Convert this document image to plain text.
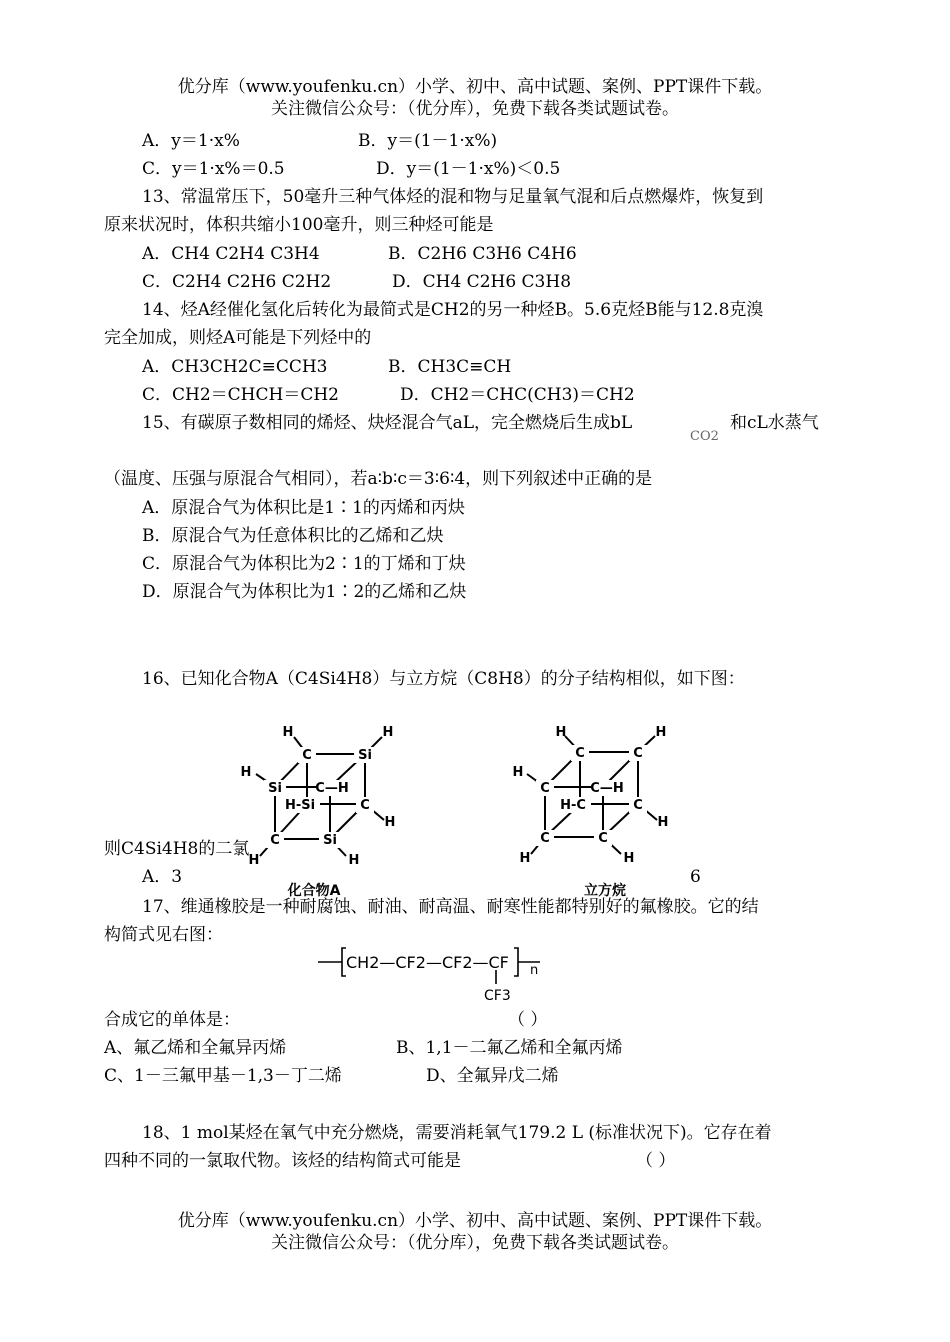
优分库（www.youfenku.cn）小学、初中、高中试题、案例、PPT课件下载。
关注微信公众号：（优分库），免费下载各类试题试卷。
A．y＝1·x%	B．y＝(1－1·x%)
C．y＝1·x%＝0.5	D．y＝(1－1·x%)＜0.5
13、常温常压下，50毫升三种气体烃的混和物与足量氧气混和后点燃爆炸，恢复到
原来状况时，体积共缩小100毫升，则三种烃可能是
A．CH4 C2H4 C3H4	B．C2H6 C3H6 C4H6
C．C2H4 C2H6 C2H2	D．CH4 C2H6 C3H8
14、烃A经催化氢化后转化为最简式是CH2的另一种烃B。5.6克烃B能与12.8克溴
完全加成，则烃A可能是下列烃中的
A．CH3CH2C≡CCH3	B．CH3C≡CH
C．CH2＝CHCH＝CH2	D．CH2＝CHC(CH3)＝CH2
15、有碳原子数相同的烯烃、炔烃混合气aL，完全燃烧后生成bL
CO2
和cL水蒸气
（温度、压强与原混合气相同），若a∶b∶c＝3∶6∶4，则下列叙述中正确的是
A．原混合气为体积比是1∶1的丙烯和丙炔
B．原混合气为任意体积比的乙烯和乙炔
C．原混合气为体积比为2∶1的丁烯和丁炔
D．原混合气为体积比为1∶2的乙烯和乙炔
16、已知化合物A（C4Si4H8）与立方烷（C8H8）的分子结构相似，如下图：
则C4Si4H8的二氯
A．3	6
C	Si
Si	C—H
H-Si	C
C	Si
H	H
H
H
H	H
化合物A
C	C
C	C—H
H-C	C
C	C
H	H
H
H
H	H
立方烷
17、维通橡胶是一种耐腐蚀、耐油、耐高温、耐寒性能都特别好的氟橡胶。它的结
构简式见右图：
CH2—CF2—CF2—CF n
CF3
合成它的单体是：	（ ）
A、氟乙烯和全氟异丙烯	B、1,1－二氟乙烯和全氟丙烯
C、1－三氟甲基－1,3－丁二烯	D、全氟异戊二烯
18、1 mol某烃在氧气中充分燃烧，需要消耗氧气179.2 L (标准状况下)。它存在着
四种不同的一氯取代物。该烃的结构简式可能是	（ ）
优分库（www.youfenku.cn）小学、初中、高中试题、案例、PPT课件下载。
关注微信公众号：（优分库），免费下载各类试题试卷。
